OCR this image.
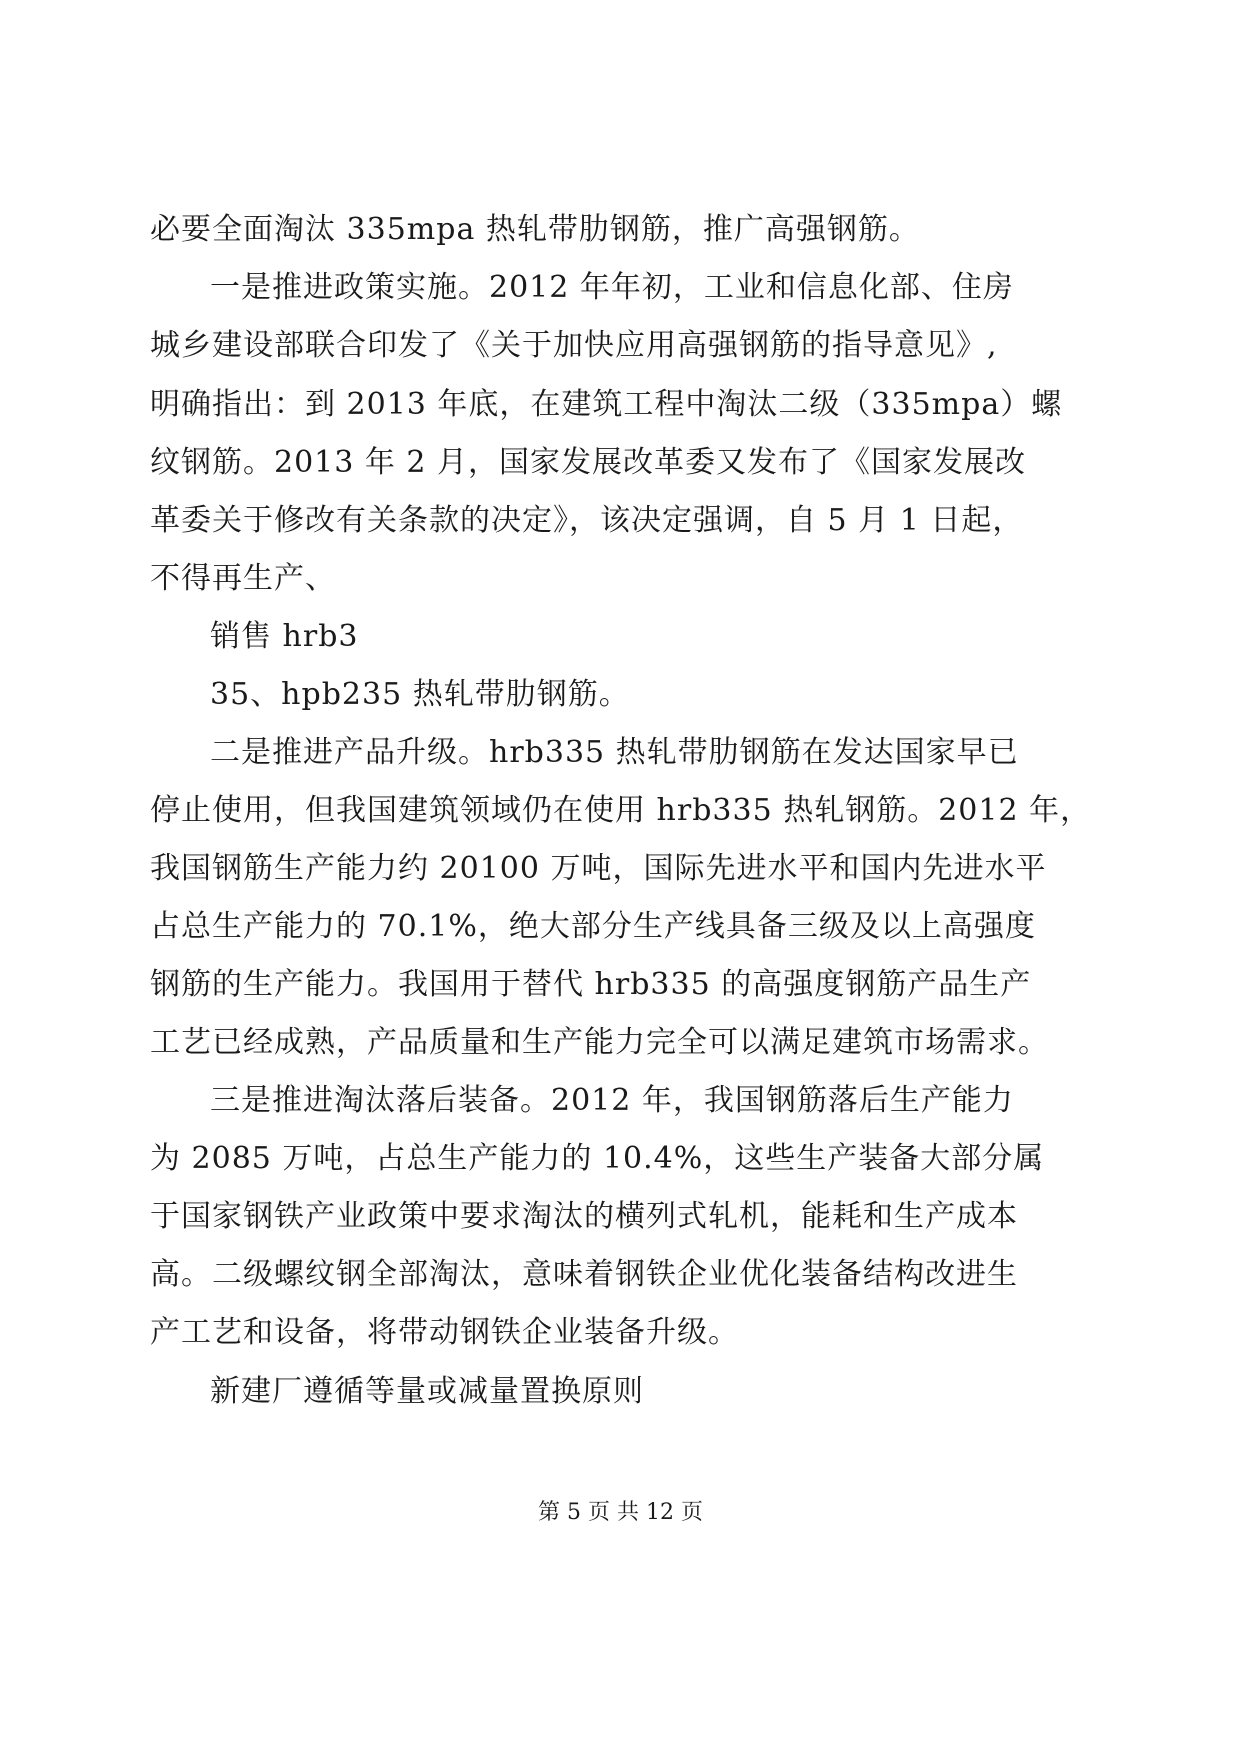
必要全面淘汰 335mpa 热轧带肋钢筋，推广高强钢筋。
一是推进政策实施。2012 年年初，工业和信息化部、住房
城乡建设部联合印发了《关于加快应用高强钢筋的指导意见》,
明确指出：到 2013 年底，在建筑工程中淘汰二级（335mpa）螺
纹钢筋。2013 年 2 月，国家发展改革委又发布了《国家发展改
革委关于修改有关条款的决定》，该决定强调，自 5 月 1 日起，
不得再生产、
销售 hrb3
35、hpb235 热轧带肋钢筋。
二是推进产品升级。hrb335 热轧带肋钢筋在发达国家早已
停止使用，但我国建筑领域仍在使用 hrb335 热轧钢筋。2012 年，
我国钢筋生产能力约 20100 万吨，国际先进水平和国内先进水平
占总生产能力的 70.1%，绝大部分生产线具备三级及以上高强度
钢筋的生产能力。我国用于替代 hrb335 的高强度钢筋产品生产
工艺已经成熟，产品质量和生产能力完全可以满足建筑市场需求。
三是推进淘汰落后装备。2012 年，我国钢筋落后生产能力
为 2085 万吨，占总生产能力的 10.4%，这些生产装备大部分属
于国家钢铁产业政策中要求淘汰的横列式轧机，能耗和生产成本
高。二级螺纹钢全部淘汰，意味着钢铁企业优化装备结构改进生
产工艺和设备，将带动钢铁企业装备升级。
新建厂遵循等量或减量置换原则
第 5 页 共 12 页
